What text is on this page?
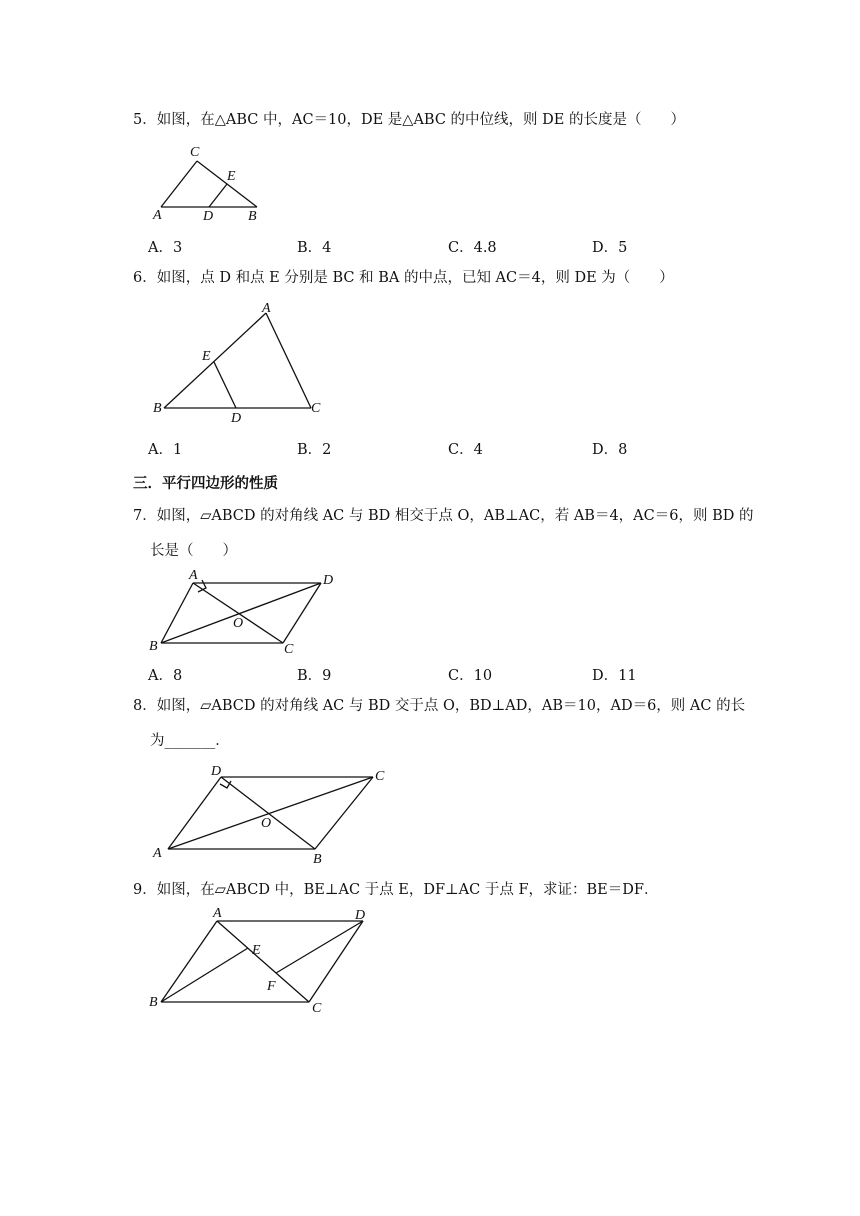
5．如图，在△ABC 中，AC＝10，DE 是△ABC 的中位线，则 DE 的长度是（　　）
C
E
A	D B
A．3	B．4	C．4.8	D．5
6．如图，点 D 和点 E 分别是 BC 和 BA 的中点，已知 AC＝4，则 DE 为（　　）
A
E
B
D
C
A．1	B．2	C．4	D．8
三．平行四边形的性质
7．如图，▱ABCD 的对角线 AC 与 BD 相交于点 O，AB⊥AC，若 AB＝4，AC＝6，则 BD 的
长是（　　）
A	D
O
B	C
A．8	B．9	C．10	D．11
8．如图，▱ABCD 的对角线 AC 与 BD 交于点 O，BD⊥AD，AB＝10，AD＝6，则 AC 的长
为_______．
D	C
O
A	B
9．如图，在▱ABCD 中，BE⊥AC 于点 E，DF⊥AC 于点 F，求证：BE＝DF．
A	D
E
F
B	C
